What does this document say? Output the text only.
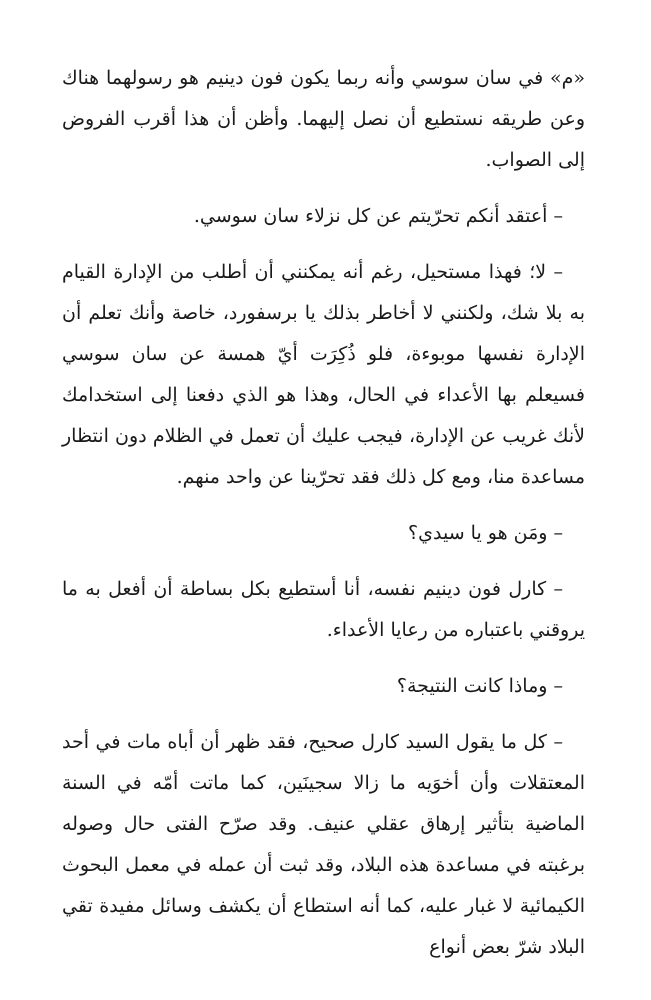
«م» في سان سوسي وأنه ربما يكون فون دينيم هو رسولهما هناك وعن طريقه نستطيع أن نصل إليهما. وأظن أن هذا أقرب الفروض إلى الصواب.

– أعتقد أنكم تحرّيتم عن كل نزلاء سان سوسي.

– لا؛ فهذا مستحيل، رغم أنه يمكنني أن أطلب من الإدارة القيام به بلا شك، ولكنني لا أخاطر بذلك يا برسفورد، خاصة وأنك تعلم أن الإدارة نفسها موبوءة، فلو ذُكِرَت أيّ همسة عن سان سوسي فسيعلم بها الأعداء في الحال، وهذا هو الذي دفعنا إلى استخدامك لأنك غريب عن الإدارة، فيجب عليك أن تعمل في الظلام دون انتظار مساعدة منا، ومع كل ذلك فقد تحرّينا عن واحد منهم.

– ومَن هو يا سيدي؟

– كارل فون دينيم نفسه، أنا أستطيع بكل بساطة أن أفعل به ما يروقني باعتباره من رعايا الأعداء.

– وماذا كانت النتيجة؟

– كل ما يقول السيد كارل صحيح، فقد ظهر أن أباه مات في أحد المعتقلات وأن أخوَيه ما زالا سجينَين، كما ماتت أمّه في السنة الماضية بتأثير إرهاق عقلي عنيف. وقد صرّح الفتى حال وصوله برغبته في مساعدة هذه البلاد، وقد ثبت أن عمله في معمل البحوث الكيمائية لا غبار عليه، كما أنه استطاع أن يكشف وسائل مفيدة تقي البلاد شرّ بعض أنواع
